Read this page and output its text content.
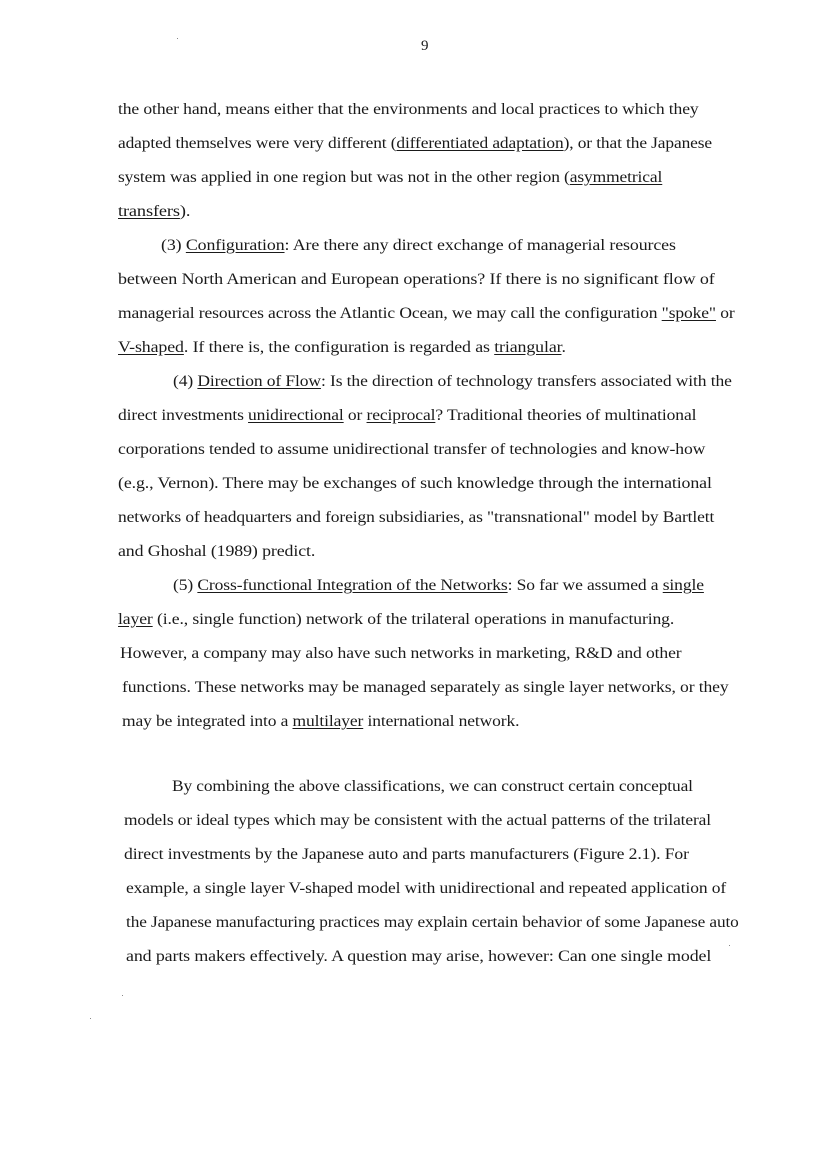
9
the other hand, means either that the environments and local practices to which they
adapted themselves were very different (differentiated adaptation), or that the Japanese
system was applied in one region but was not in the other region (asymmetrical
transfers).
(3) Configuration: Are there any direct exchange of managerial resources
between North American and European operations? If there is no significant flow of
managerial resources across the Atlantic Ocean, we may call the configuration "spoke" or
V-shaped. If there is, the configuration is regarded as triangular.
(4) Direction of Flow: Is the direction of technology transfers associated with the
direct investments unidirectional or reciprocal? Traditional theories of multinational
corporations tended to assume unidirectional transfer of technologies and know-how
(e.g., Vernon). There may be exchanges of such knowledge through the international
networks of headquarters and foreign subsidiaries, as "transnational" model by Bartlett
and Ghoshal (1989) predict.
(5) Cross-functional Integration of the Networks: So far we assumed a single
layer (i.e., single function) network of the trilateral operations in manufacturing.
However, a company may also have such networks in marketing, R&D and other
functions. These networks may be managed separately as single layer networks, or they
may be integrated into a multilayer international network.
By combining the above classifications, we can construct certain conceptual
models or ideal types which may be consistent with the actual patterns of the trilateral
direct investments by the Japanese auto and parts manufacturers (Figure 2.1). For
example, a single layer V-shaped model with unidirectional and repeated application of
the Japanese manufacturing practices may explain certain behavior of some Japanese auto
and parts makers effectively. A question may arise, however: Can one single model
